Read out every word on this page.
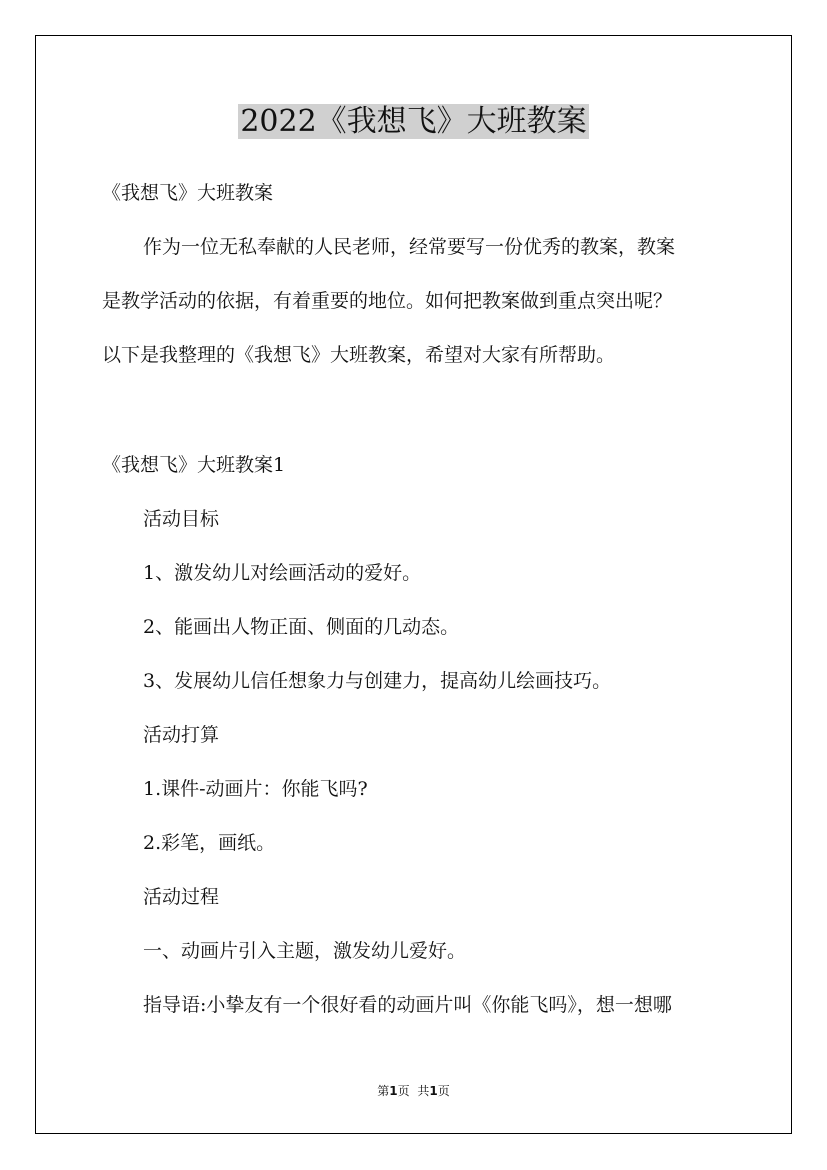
2022《我想飞》大班教案

《我想飞》大班教案

作为一位无私奉献的人民老师，经常要写一份优秀的教案，教案

是教学活动的依据，有着重要的地位。如何把教案做到重点突出呢？

以下是我整理的《我想飞》大班教案，希望对大家有所帮助。

《我想飞》大班教案1

活动目标

1、激发幼儿对绘画活动的爱好。

2、能画出人物正面、侧面的几动态。

3、发展幼儿信任想象力与创建力，提高幼儿绘画技巧。

活动打算

1.课件-动画片：你能飞吗?

2.彩笔，画纸。

活动过程

一、动画片引入主题，激发幼儿爱好。

指导语:小挚友有一个很好看的动画片叫《你能飞吗》，想一想哪

第1页 共1页
